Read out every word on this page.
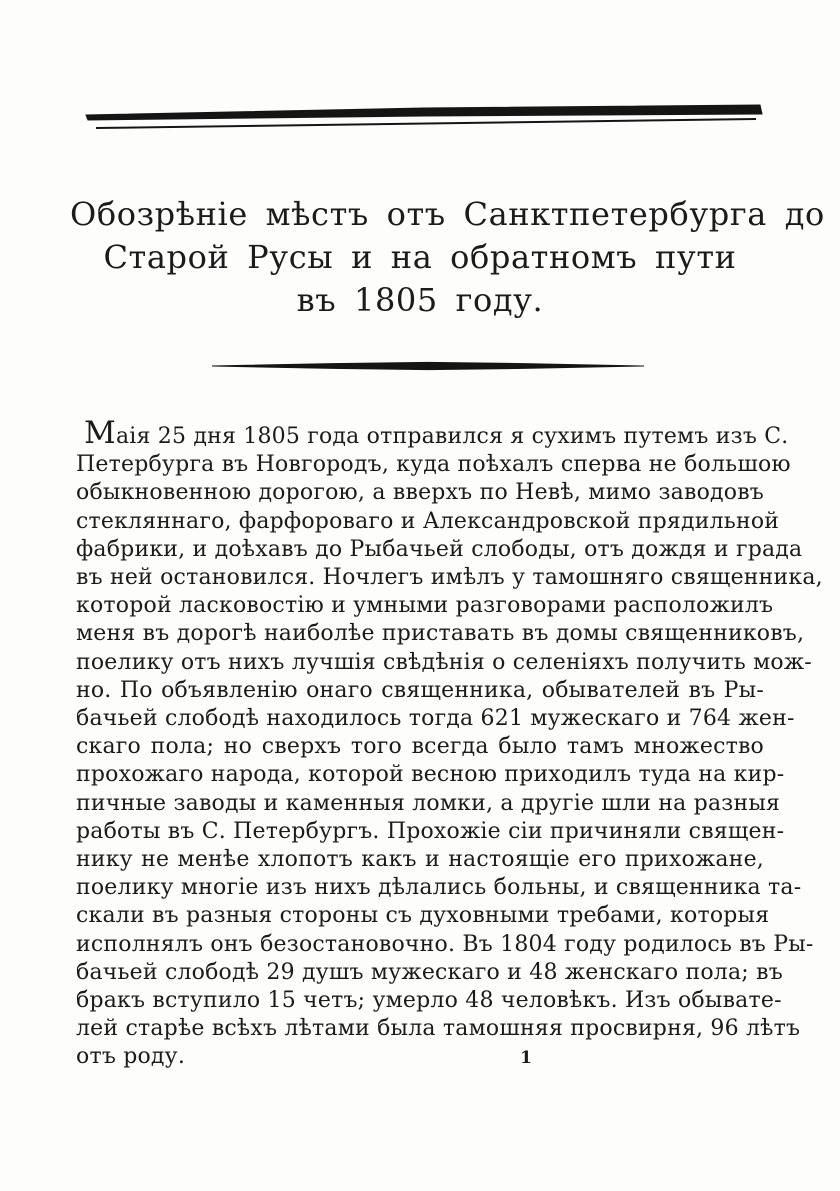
Обозрѣніе мѣстъ отъ Санктпетербурга до
Старой Русы и на обратномъ пути
въ 1805 году.
Маія 25 дня 1805 года отправился я сухимъ путемъ изъ С.
Петербурга въ Новгородъ, куда поѣхалъ сперва не большою
обыкновенною дорогою, а вверхъ по Невѣ, мимо заводовъ
стекляннаго, фарфороваго и Александровской прядильной
фабрики, и доѣхавъ до Рыбачьей слободы, отъ дождя и града
въ ней остановился. Ночлегъ имѣлъ у тамошняго священника,
которой ласковостію и умными разговорами расположилъ
меня въ дорогѣ наиболѣе приставать въ домы священниковъ,
поелику отъ нихъ лучшія свѣдѣнія о селеніяхъ получить мож-
но. По объявленію онаго священника, обывателей въ Ры-
бачьей слободѣ находилось тогда 621 мужескаго и 764 жен-
скаго пола; но сверхъ того всегда было тамъ множество
прохожаго народа, которой весною приходилъ туда на кир-
пичные заводы и каменныя ломки, а другіе шли на разныя
работы въ С. Петербургъ. Прохожіе сіи причиняли священ-
нику не менѣе хлопотъ какъ и настоящіе его прихожане,
поелику многіе изъ нихъ дѣлались больны, и священника та-
скали въ разныя стороны съ духовными требами, которыя
исполнялъ онъ безостановочно. Въ 1804 году родилось въ Ры-
бачьей слободѣ 29 душъ мужескаго и 48 женскаго пола; въ
бракъ вступило 15 четъ; умерло 48 человѣкъ. Изъ обывате-
лей старѣе всѣхъ лѣтами была тамошняя просвирня, 96 лѣтъ
отъ роду.	1
